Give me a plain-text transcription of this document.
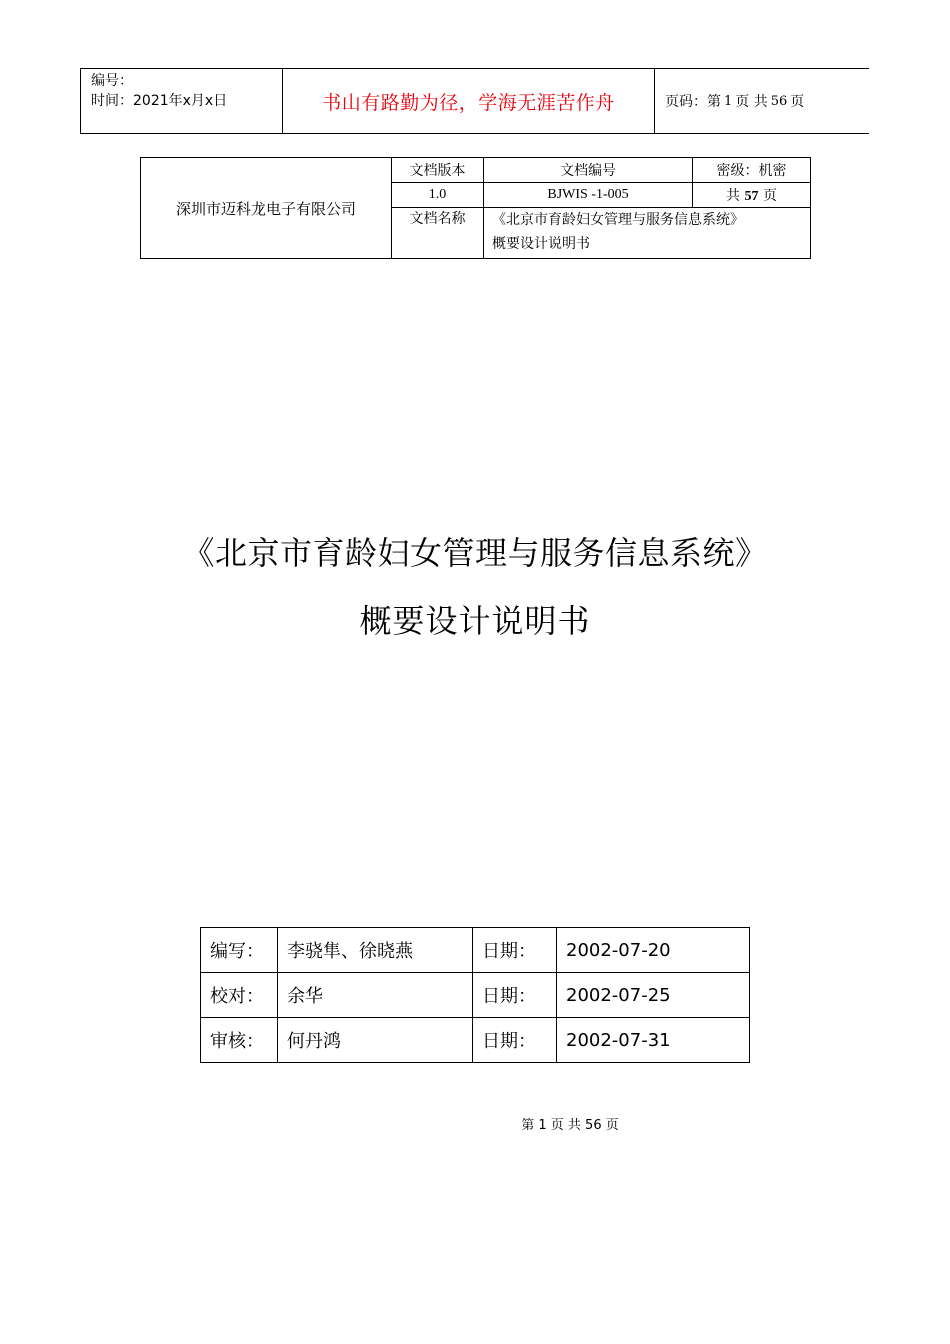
编号：
时间：2021年x月x日	书山有路勤为径，学海无涯苦作舟	页码：第 1 页 共 56 页
深圳市迈科龙电子有限公司	文档版本	文档编号	密级：机密
	1.0	BJWIS -1-005	共 57 页
	文档名称	《北京市育龄妇女管理与服务信息系统》
概要设计说明书	
《北京市育龄妇女管理与服务信息系统》
概要设计说明书
编写：	李骁隼、徐晓燕	日期：	2002-07-20
校对：	余华	日期：	2002-07-25
审核：	何丹鸿	日期：	2002-07-31
第 1 页 共 56 页
